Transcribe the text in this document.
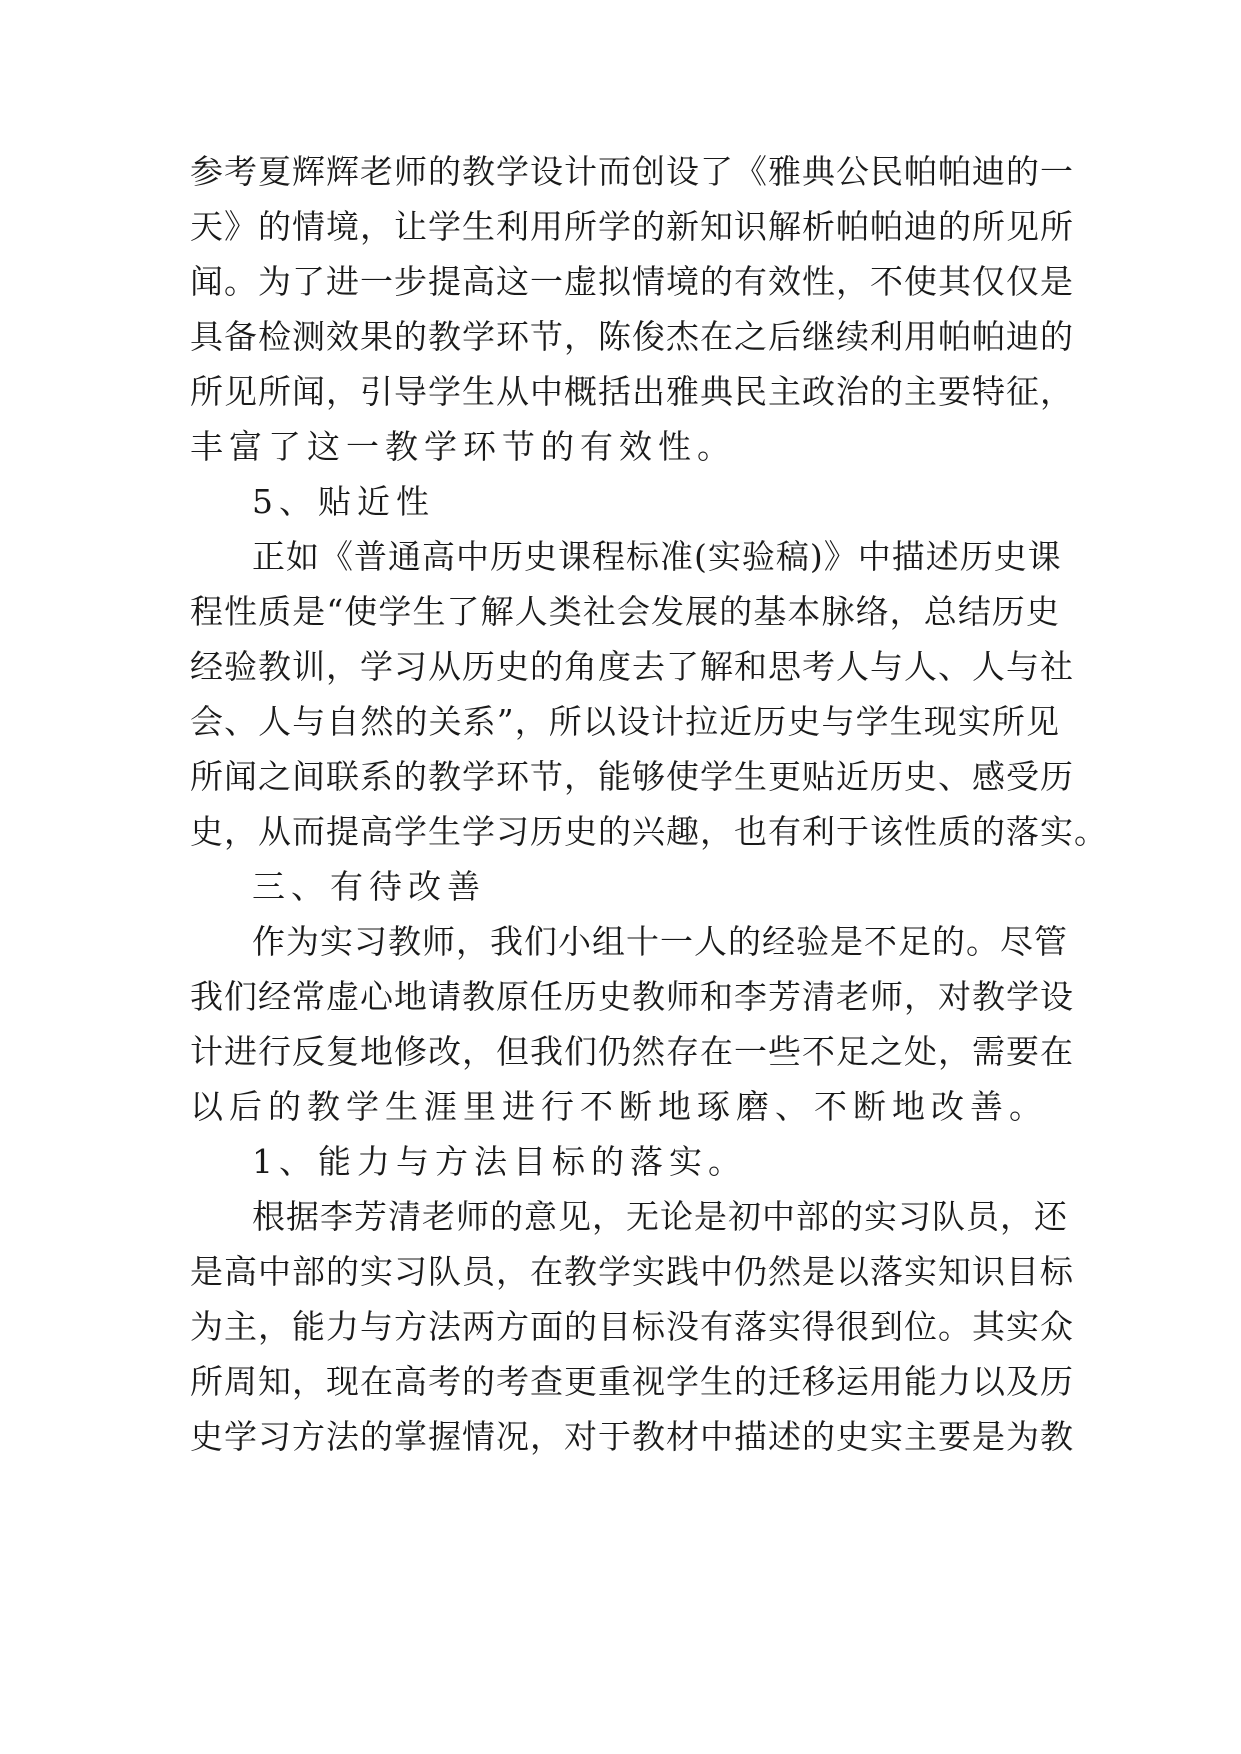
参考夏辉辉老师的教学设计而创设了《雅典公民帕帕迪的一
天》的情境，让学生利用所学的新知识解析帕帕迪的所见所
闻。为了进一步提高这一虚拟情境的有效性，不使其仅仅是
具备检测效果的教学环节，陈俊杰在之后继续利用帕帕迪的
所见所闻，引导学生从中概括出雅典民主政治的主要特征，
丰富了这一教学环节的有效性。
5、贴近性
正如《普通高中历史课程标准(实验稿)》中描述历史课
程性质是“使学生了解人类社会发展的基本脉络，总结历史
经验教训，学习从历史的角度去了解和思考人与人、人与社
会、人与自然的关系”，所以设计拉近历史与学生现实所见
所闻之间联系的教学环节，能够使学生更贴近历史、感受历
史，从而提高学生学习历史的兴趣，也有利于该性质的落实。
三、有待改善
作为实习教师，我们小组十一人的经验是不足的。尽管
我们经常虚心地请教原任历史教师和李芳清老师，对教学设
计进行反复地修改，但我们仍然存在一些不足之处，需要在
以后的教学生涯里进行不断地琢磨、不断地改善。
1、能力与方法目标的落实。
根据李芳清老师的意见，无论是初中部的实习队员，还
是高中部的实习队员，在教学实践中仍然是以落实知识目标
为主，能力与方法两方面的目标没有落实得很到位。其实众
所周知，现在高考的考查更重视学生的迁移运用能力以及历
史学习方法的掌握情况，对于教材中描述的史实主要是为教
